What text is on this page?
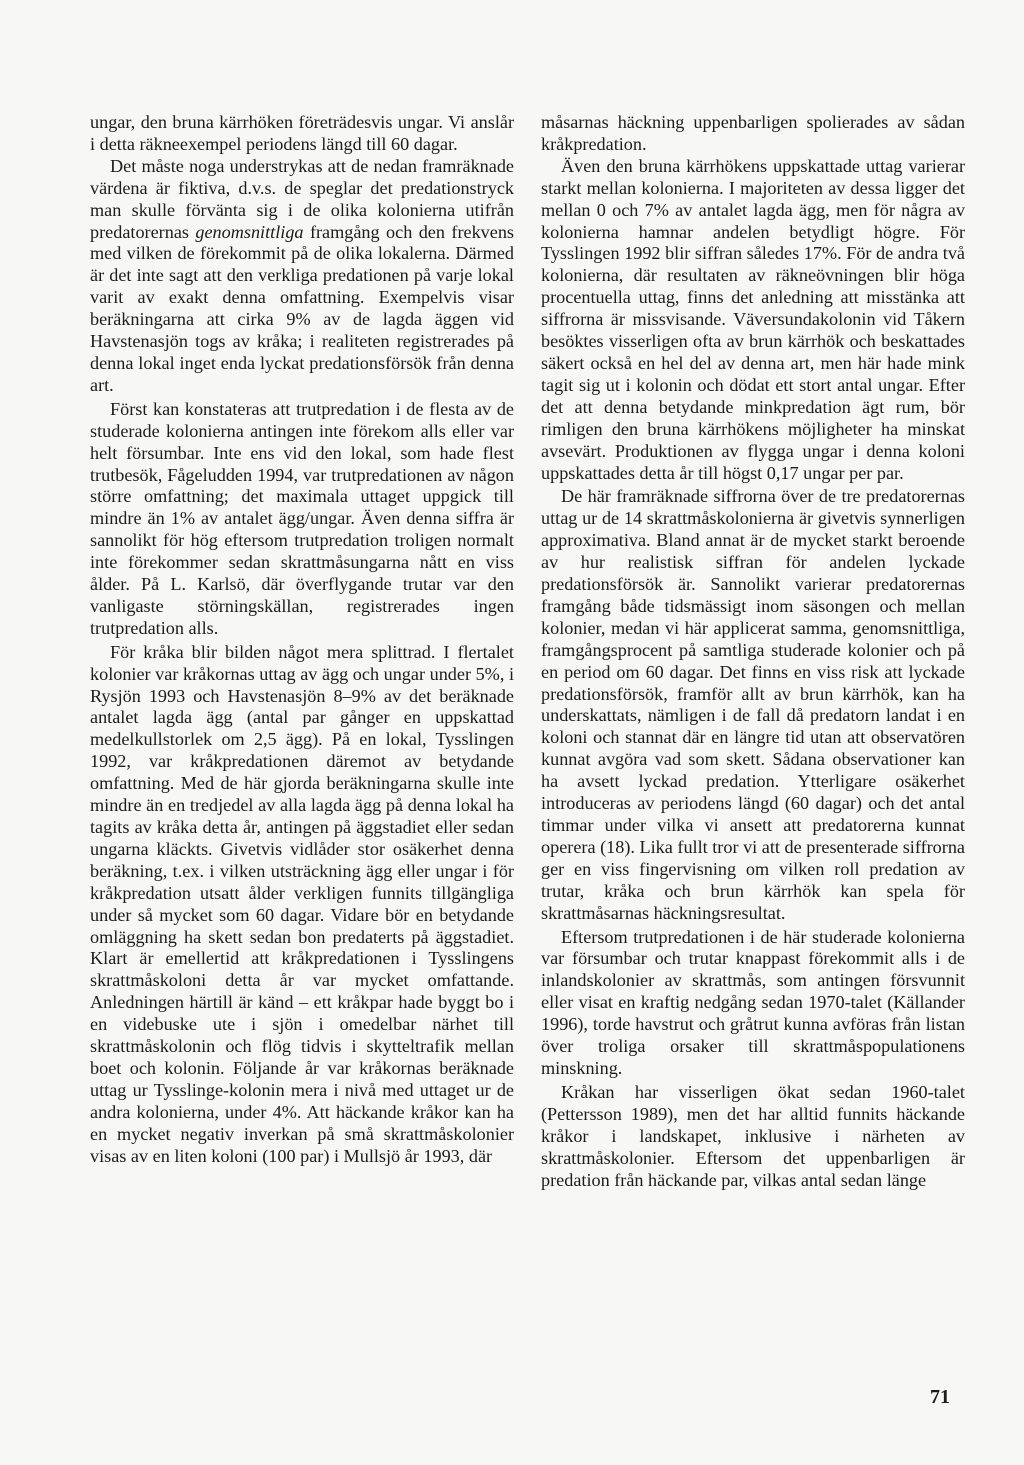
ungar, den bruna kärrhöken företrädesvis ungar. Vi anslår i detta räkneexempel periodens längd till 60 dagar.

Det måste noga understrykas att de nedan framräknade värdena är fiktiva, d.v.s. de speglar det predationstryck man skulle förvänta sig i de olika kolonierna utifrån predatorernas genomsnittliga framgång och den frekvens med vilken de förekommit på de olika lokalerna. Därmed är det inte sagt att den verkliga predationen på varje lokal varit av exakt denna omfattning. Exempelvis visar beräkningarna att cirka 9% av de lagda äggen vid Havstenasjön togs av kråka; i realiteten registrerades på denna lokal inget enda lyckat predationsförsök från denna art.

Först kan konstateras att trutpredation i de flesta av de studerade kolonierna antingen inte förekom alls eller var helt försumbar. Inte ens vid den lokal, som hade flest trutbesök, Fågeludden 1994, var trutpredationen av någon större omfattning; det maximala uttaget uppgick till mindre än 1% av antalet ägg/ungar. Även denna siffra är sannolikt för hög eftersom trutpredation troligen normalt inte förekommer sedan skrattmåsungarna nått en viss ålder. På L. Karlsö, där överflygande trutar var den vanligaste störningskällan, registrerades ingen trutpredation alls.

För kråka blir bilden något mera splittrad. I flertalet kolonier var kråkornas uttag av ägg och ungar under 5%, i Rysjön 1993 och Havstenasjön 8–9% av det beräknade antalet lagda ägg (antal par gånger en uppskattad medelkullstorlek om 2,5 ägg). På en lokal, Tysslingen 1992, var kråkpredationen däremot av betydande omfattning. Med de här gjorda beräkningarna skulle inte mindre än en tredjedel av alla lagda ägg på denna lokal ha tagits av kråka detta år, antingen på äggstadiet eller sedan ungarna kläckts. Givetvis vidlåder stor osäkerhet denna beräkning, t.ex. i vilken utsträckning ägg eller ungar i för kråkpredation utsatt ålder verkligen funnits tillgängliga under så mycket som 60 dagar. Vidare bör en betydande omläggning ha skett sedan bon predaterts på äggstadiet. Klart är emellertid att kråkpredationen i Tysslingens skrattmåskoloni detta år var mycket omfattande. Anledningen härtill är känd – ett kråkpar hade byggt bo i en videbuske ute i sjön i omedelbar närhet till skrattmåskolonin och flög tidvis i skytteltrafik mellan boet och kolonin. Följande år var kråkornas beräknade uttag ur Tysslinge-kolonin mera i nivå med uttaget ur de andra kolonierna, under 4%. Att häckande kråkor kan ha en mycket negativ inverkan på små skrattmåskolonier visas av en liten koloni (100 par) i Mullsjö år 1993, där

måsarnas häckning uppenbarligen spolierades av sådan kråkpredation.

Även den bruna kärrhökens uppskattade uttag varierar starkt mellan kolonierna. I majoriteten av dessa ligger det mellan 0 och 7% av antalet lagda ägg, men för några av kolonierna hamnar andelen betydligt högre. För Tysslingen 1992 blir siffran således 17%. För de andra två kolonierna, där resultaten av räkneövningen blir höga procentuella uttag, finns det anledning att misstänka att siffrorna är missvisande. Väversundakolonin vid Tåkern besöktes visserligen ofta av brun kärrhök och beskattades säkert också en hel del av denna art, men här hade mink tagit sig ut i kolonin och dödat ett stort antal ungar. Efter det att denna betydande minkpredation ägt rum, bör rimligen den bruna kärrhökens möjligheter ha minskat avsevärt. Produktionen av flygga ungar i denna koloni uppskattades detta år till högst 0,17 ungar per par.

De här framräknade siffrorna över de tre predatorernas uttag ur de 14 skrattmåskolonierna är givetvis synnerligen approximativa. Bland annat är de mycket starkt beroende av hur realistisk siffran för andelen lyckade predationsförsök är. Sannolikt varierar predatorernas framgång både tidsmässigt inom säsongen och mellan kolonier, medan vi här applicerat samma, genomsnittliga, framgångsprocent på samtliga studerade kolonier och på en period om 60 dagar. Det finns en viss risk att lyckade predationsförsök, framför allt av brun kärrhök, kan ha underskattats, nämligen i de fall då predatorn landat i en koloni och stannat där en längre tid utan att observatören kunnat avgöra vad som skett. Sådana observationer kan ha avsett lyckad predation. Ytterligare osäkerhet introduceras av periodens längd (60 dagar) och det antal timmar under vilka vi ansett att predatorerna kunnat operera (18). Lika fullt tror vi att de presenterade siffrorna ger en viss fingervisning om vilken roll predation av trutar, kråka och brun kärrhök kan spela för skrattmåsarnas häckningsresultat.

Eftersom trutpredationen i de här studerade kolonierna var försumbar och trutar knappast förekommit alls i de inlandskolonier av skrattmås, som antingen försvunnit eller visat en kraftig nedgång sedan 1970-talet (Källander 1996), torde havstrut och gråtrut kunna avföras från listan över troliga orsaker till skrattmåspopulationens minskning.

Kråkan har visserligen ökat sedan 1960-talet (Pettersson 1989), men det har alltid funnits häckande kråkor i landskapet, inklusive i närheten av skrattmåskolonier. Eftersom det uppenbarligen är predation från häckande par, vilkas antal sedan länge

71
